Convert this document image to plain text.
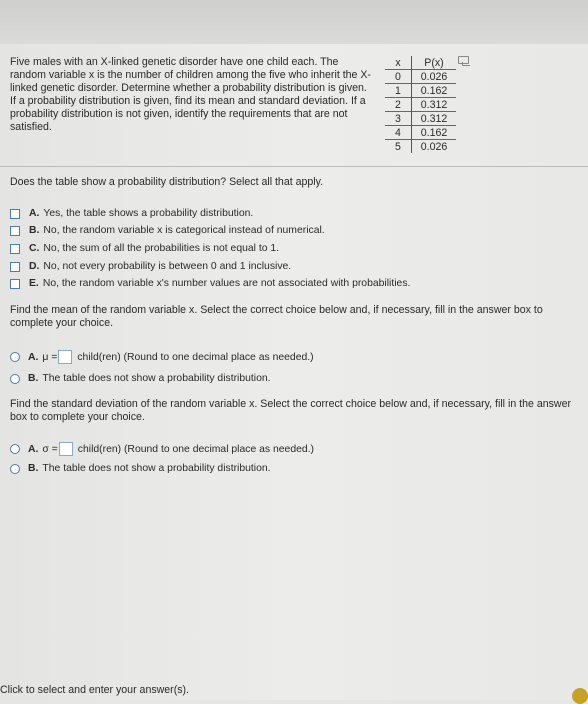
Five males with an X-linked genetic disorder have one child each. The random variable x is the number of children among the five who inherit the X-linked genetic disorder. Determine whether a probability distribution is given. If a probability distribution is given, find its mean and standard deviation. If a probability distribution is not given, identify the requirements that are not satisfied.
x	P(x)
0	0.026
1	0.162
2	0.312
3	0.312
4	0.162
5	0.026
Does the table show a probability distribution? Select all that apply.
A. Yes, the table shows a probability distribution.
B. No, the random variable x is categorical instead of numerical.
C. No, the sum of all the probabilities is not equal to 1.
D. No, not every probability is between 0 and 1 inclusive.
E. No, the random variable x's number values are not associated with probabilities.
Find the mean of the random variable x. Select the correct choice below and, if necessary, fill in the answer box to complete your choice.
A. μ = child(ren) (Round to one decimal place as needed.)
B. The table does not show a probability distribution.
Find the standard deviation of the random variable x. Select the correct choice below and, if necessary, fill in the answer box to complete your choice.
A. σ = child(ren) (Round to one decimal place as needed.)
B. The table does not show a probability distribution.
Click to select and enter your answer(s).
